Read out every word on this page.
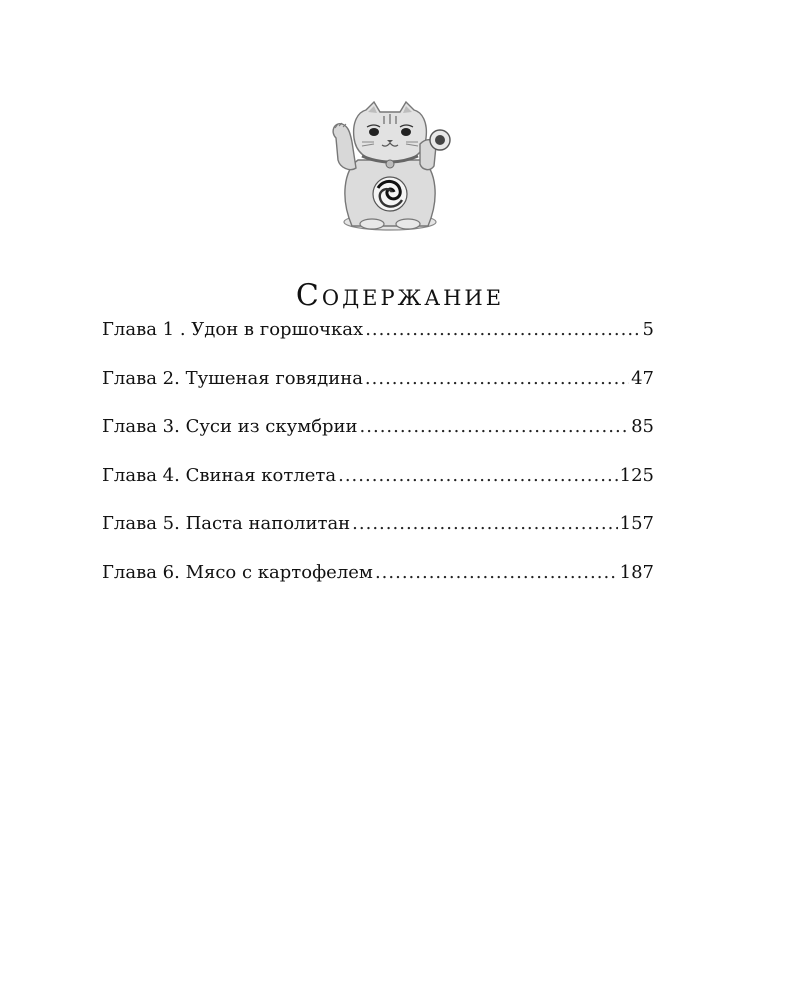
Содержание
Глава 1 . Удон в горшочках .....	5
Глава 2. Тушеная говядина .....	47
Глава 3. Суси из скумбрии .....	85
Глава 4. Свиная котлета .....	125
Глава 5. Паста наполитан .....	157
Глава 6. Мясо с картофелем .....	187
